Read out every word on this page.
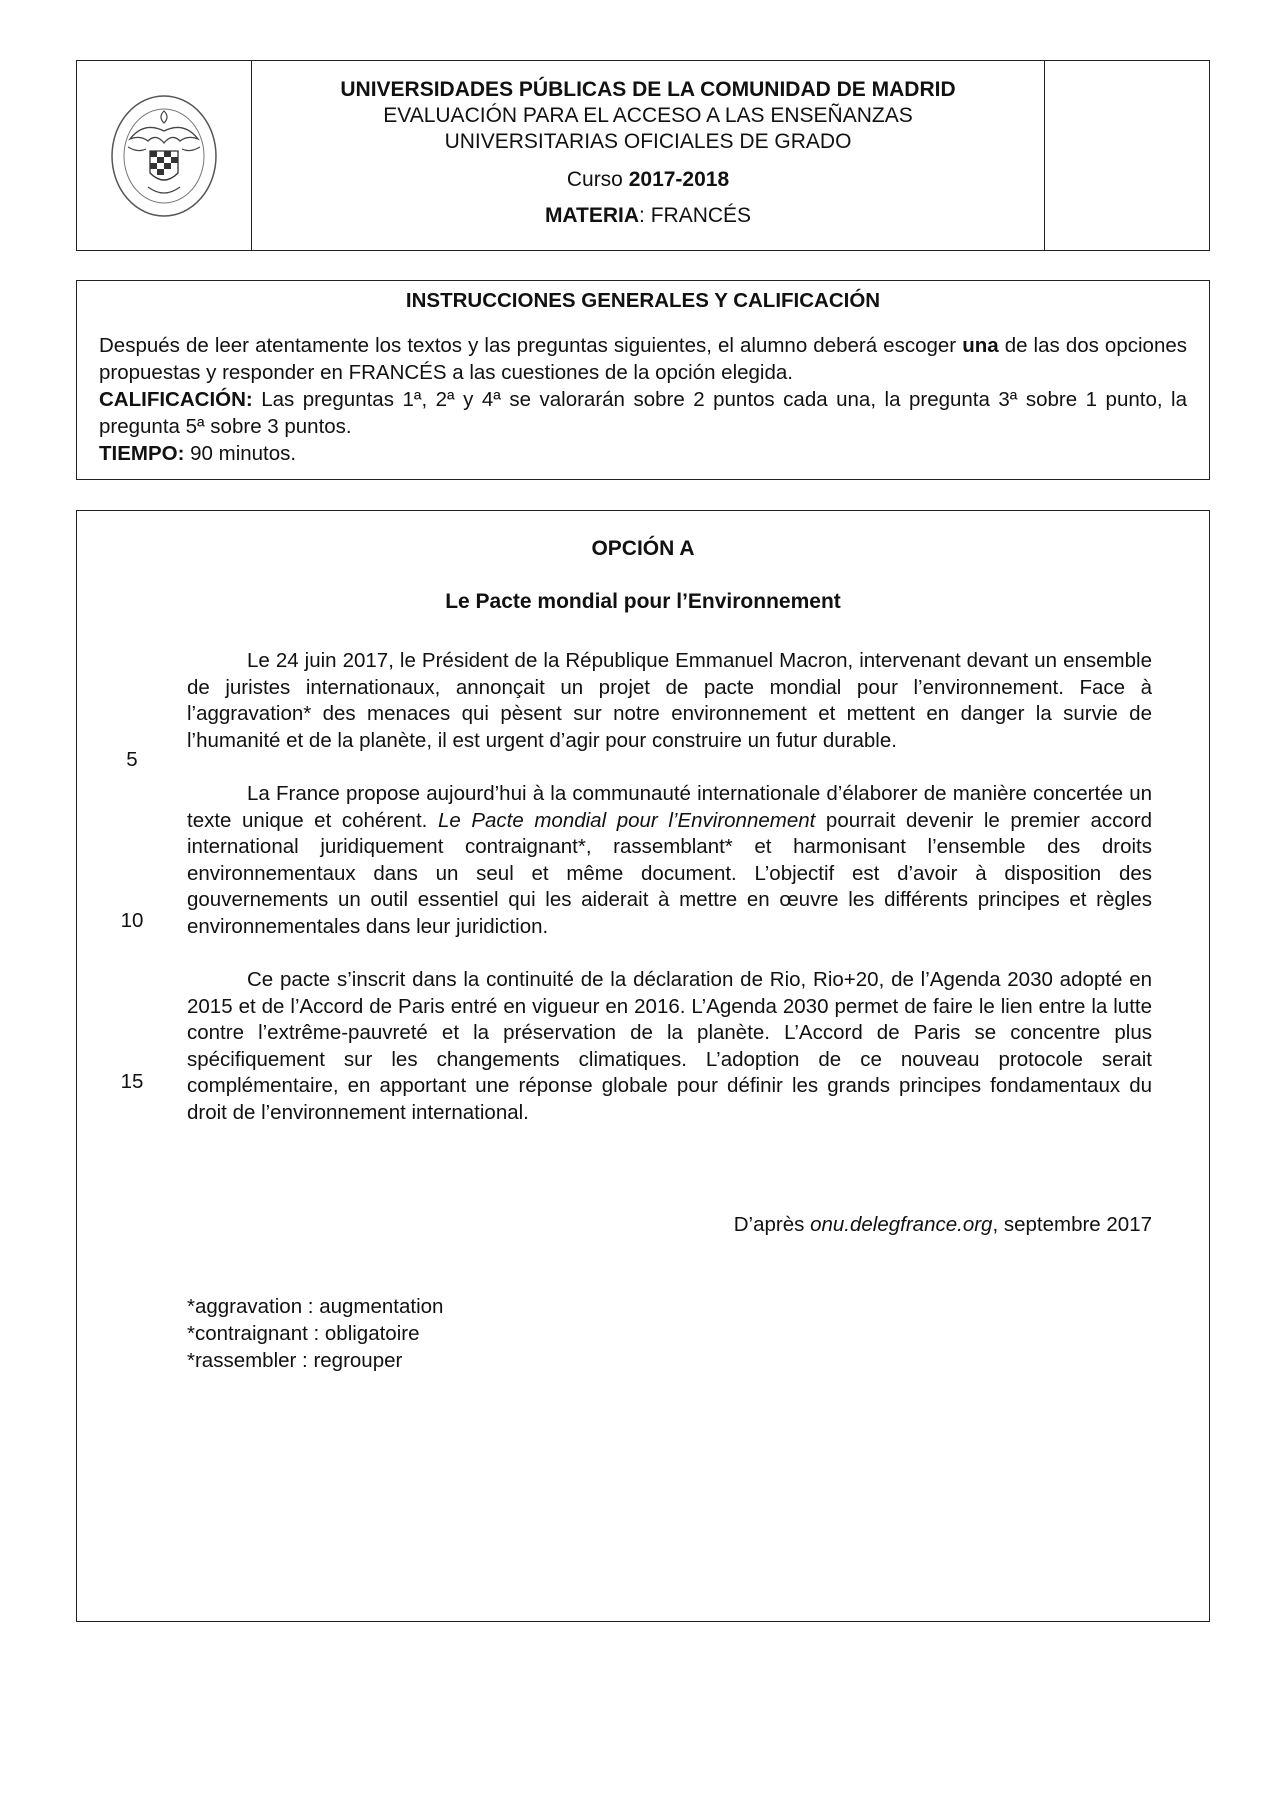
UNIVERSIDADES PÚBLICAS DE LA COMUNIDAD DE MADRID
EVALUACIÓN PARA EL ACCESO A LAS ENSEÑANZAS
UNIVERSITARIAS OFICIALES DE GRADO
Curso 2017-2018
MATERIA: FRANCÉS
INSTRUCCIONES GENERALES Y CALIFICACIÓN
Después de leer atentamente los textos y las preguntas siguientes, el alumno deberá escoger una de las dos opciones propuestas y responder en FRANCÉS a las cuestiones de la opción elegida.
CALIFICACIÓN: Las preguntas 1ª, 2ª y 4ª se valorarán sobre 2 puntos cada una, la pregunta 3ª sobre 1 punto, la pregunta 5ª sobre 3 puntos.
TIEMPO: 90 minutos.
OPCIÓN A
Le Pacte mondial pour l’Environnement
5
10
15

Le 24 juin 2017, le Président de la République Emmanuel Macron, intervenant devant un ensemble de juristes internationaux, annonçait un projet de pacte mondial pour l’environnement. Face à l’aggravation* des menaces qui pèsent sur notre environnement et mettent en danger la survie de l’humanité et de la planète, il est urgent d’agir pour construire un futur durable.

La France propose aujourd’hui à la communauté internationale d’élaborer de manière concertée un texte unique et cohérent. Le Pacte mondial pour l’Environnement pourrait devenir le premier accord international juridiquement contraignant*, rassemblant* et harmonisant l’ensemble des droits environnementaux dans un seul et même document. L’objectif est d’avoir à disposition des gouvernements un outil essentiel qui les aiderait à mettre en œuvre les différents principes et règles environnementales dans leur juridiction.

Ce pacte s’inscrit dans la continuité de la déclaration de Rio, Rio+20, de l’Agenda 2030 adopté en 2015 et de l’Accord de Paris entré en vigueur en 2016. L’Agenda 2030 permet de faire le lien entre la lutte contre l’extrême-pauvreté et la préservation de la planète. L’Accord de Paris se concentre plus spécifiquement sur les changements climatiques. L’adoption de ce nouveau protocole serait complémentaire, en apportant une réponse globale pour définir les grands principes fondamentaux du droit de l’environnement international.

D’après onu.delegfrance.org, septembre 2017
*aggravation : augmentation
*contraignant : obligatoire
*rassembler : regrouper
